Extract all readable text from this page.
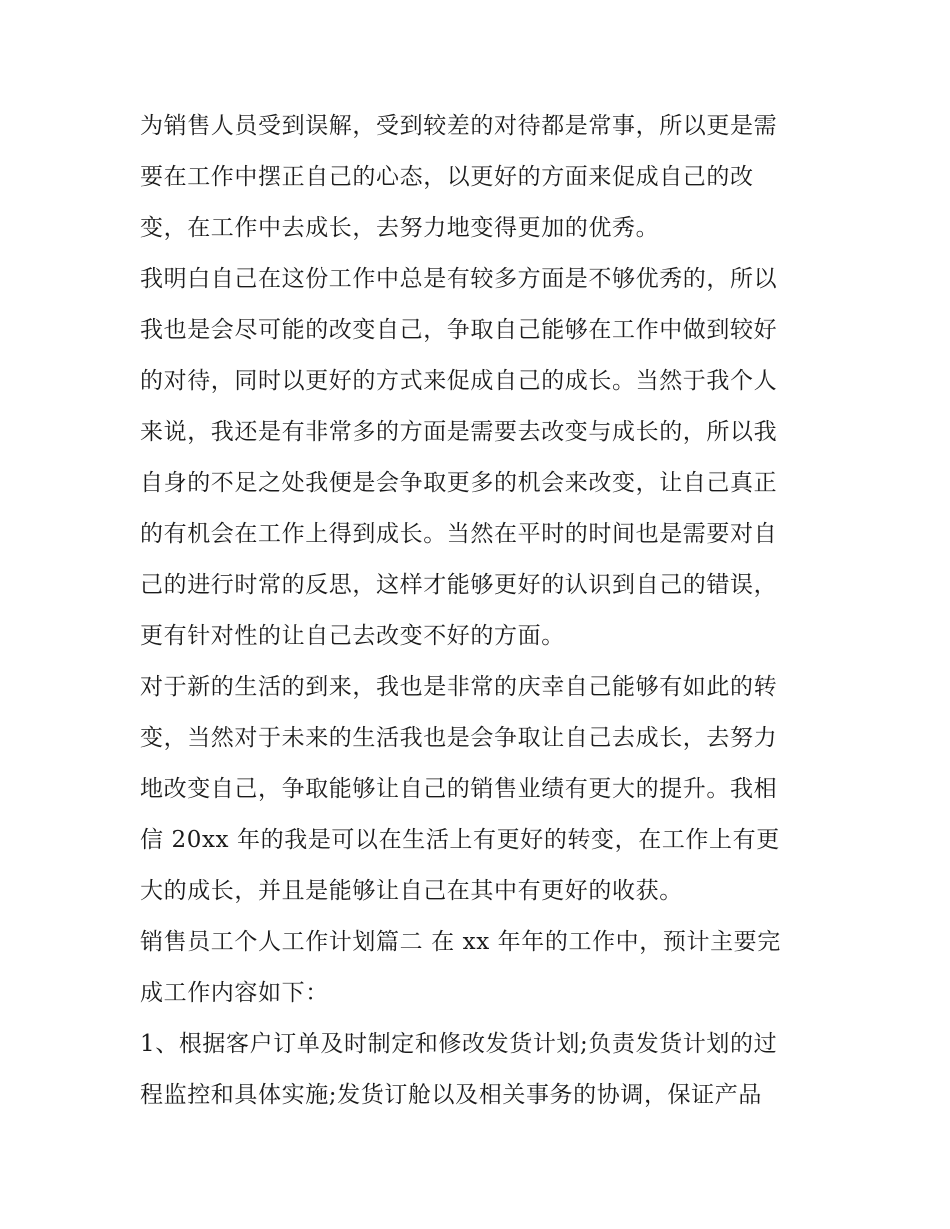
为销售人员受到误解，受到较差的对待都是常事，所以更是需
要在工作中摆正自己的心态，以更好的方面来促成自己的改
变，在工作中去成长，去努力地变得更加的优秀。
我明白自己在这份工作中总是有较多方面是不够优秀的，所以
我也是会尽可能的改变自己，争取自己能够在工作中做到较好
的对待，同时以更好的方式来促成自己的成长。当然于我个人
来说，我还是有非常多的方面是需要去改变与成长的，所以我
自身的不足之处我便是会争取更多的机会来改变，让自己真正
的有机会在工作上得到成长。当然在平时的时间也是需要对自
己的进行时常的反思，这样才能够更好的认识到自己的错误，
更有针对性的让自己去改变不好的方面。
对于新的生活的到来，我也是非常的庆幸自己能够有如此的转
变，当然对于未来的生活我也是会争取让自己去成长，去努力
地改变自己，争取能够让自己的销售业绩有更大的提升。我相
信 20xx 年的我是可以在生活上有更好的转变，在工作上有更
大的成长，并且是能够让自己在其中有更好的收获。
销售员工个人工作计划篇二 在 xx 年年的工作中，预计主要完
成工作内容如下：
1、根据客户订单及时制定和修改发货计划;负责发货计划的过
程监控和具体实施;发货订舱以及相关事务的协调，保证产品
